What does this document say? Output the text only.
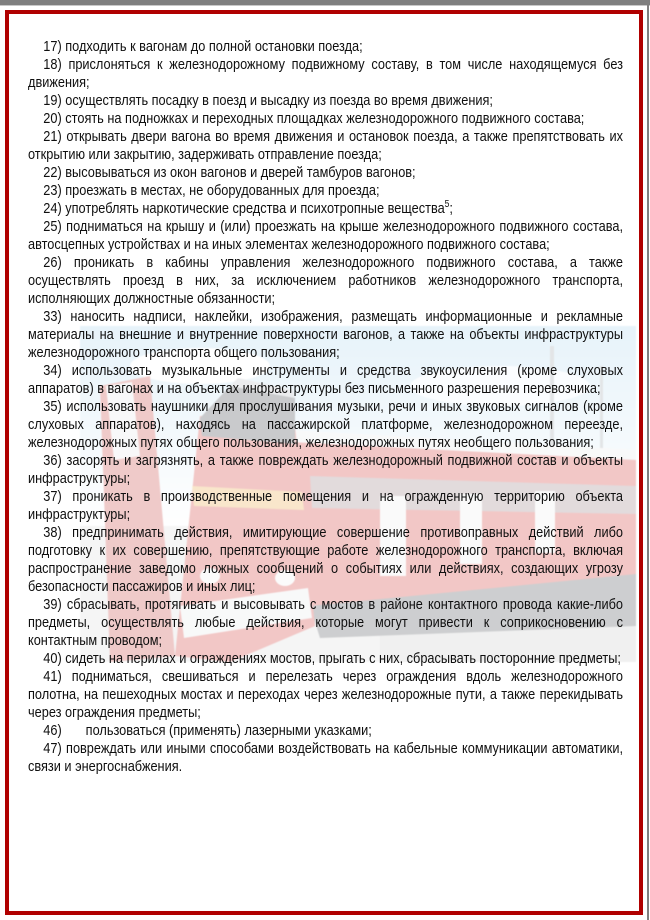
17) подходить к вагонам до полной остановки поезда;

18) прислоняться к железнодорожному подвижному составу, в том числе находящемуся без движения;

19) осуществлять посадку в поезд и высадку из поезда во время движения;

20) стоять на подножках и переходных площадках железнодорожного подвижного состава;

21) открывать двери вагона во время движения и остановок поезда, а также препятствовать их открытию или закрытию, задерживать отправление поезда;

22) высовываться из окон вагонов и дверей тамбуров вагонов;

23) проезжать в местах, не оборудованных для проезда;

24) употреблять наркотические средства и психотропные вещества$^5$;

25) подниматься на крышу и (или) проезжать на крыше железнодорожного подвижного состава, автосцепных устройствах и на иных элементах железнодорожного подвижного состава;

26) проникать в кабины управления железнодорожного подвижного состава, а также осуществлять проезд в них, за исключением работников железнодорожного транспорта, исполняющих должностные обязанности;

33) наносить надписи, наклейки, изображения, размещать информационные и рекламные материалы на внешние и внутренние поверхности вагонов, а также на объекты инфраструктуры железнодорожного транспорта общего пользования;

34) использовать музыкальные инструменты и средства звукоусиления (кроме слуховых аппаратов) в вагонах и на объектах инфраструктуры без письменного разрешения перевозчика;

35) использовать наушники для прослушивания музыки, речи и иных звуковых сигналов (кроме слуховых аппаратов), находясь на пассажирской платформе, железнодорожном переезде, железнодорожных путях общего пользования, железнодорожных путях необщего пользования;

36) засорять и загрязнять, а также повреждать железнодорожный подвижной состав и объекты инфраструктуры;

37) проникать в производственные помещения и на огражденную территорию объекта инфраструктуры;

38) предпринимать действия, имитирующие совершение противоправных действий либо подготовку к их совершению, препятствующие работе железнодорожного транспорта, включая распространение заведомо ложных сообщений о событиях или действиях, создающих угрозу безопасности пассажиров и иных лиц;

39) сбрасывать, протягивать и высовывать с мостов в районе контактного провода какие-либо предметы, осуществлять любые действия, которые могут привести к соприкосновению с контактным проводом;

40) сидеть на перилах и ограждениях мостов, прыгать с них, сбрасывать посторонние предметы;

41) подниматься, свешиваться и перелезать через ограждения вдоль железнодорожного полотна, на пешеходных мостах и переходах через железнодорожные пути, а также перекидывать через ограждения предметы;

46) пользоваться (применять) лазерными указками;

47) повреждать или иными способами воздействовать на кабельные коммуникации автоматики, связи и энергоснабжения.
